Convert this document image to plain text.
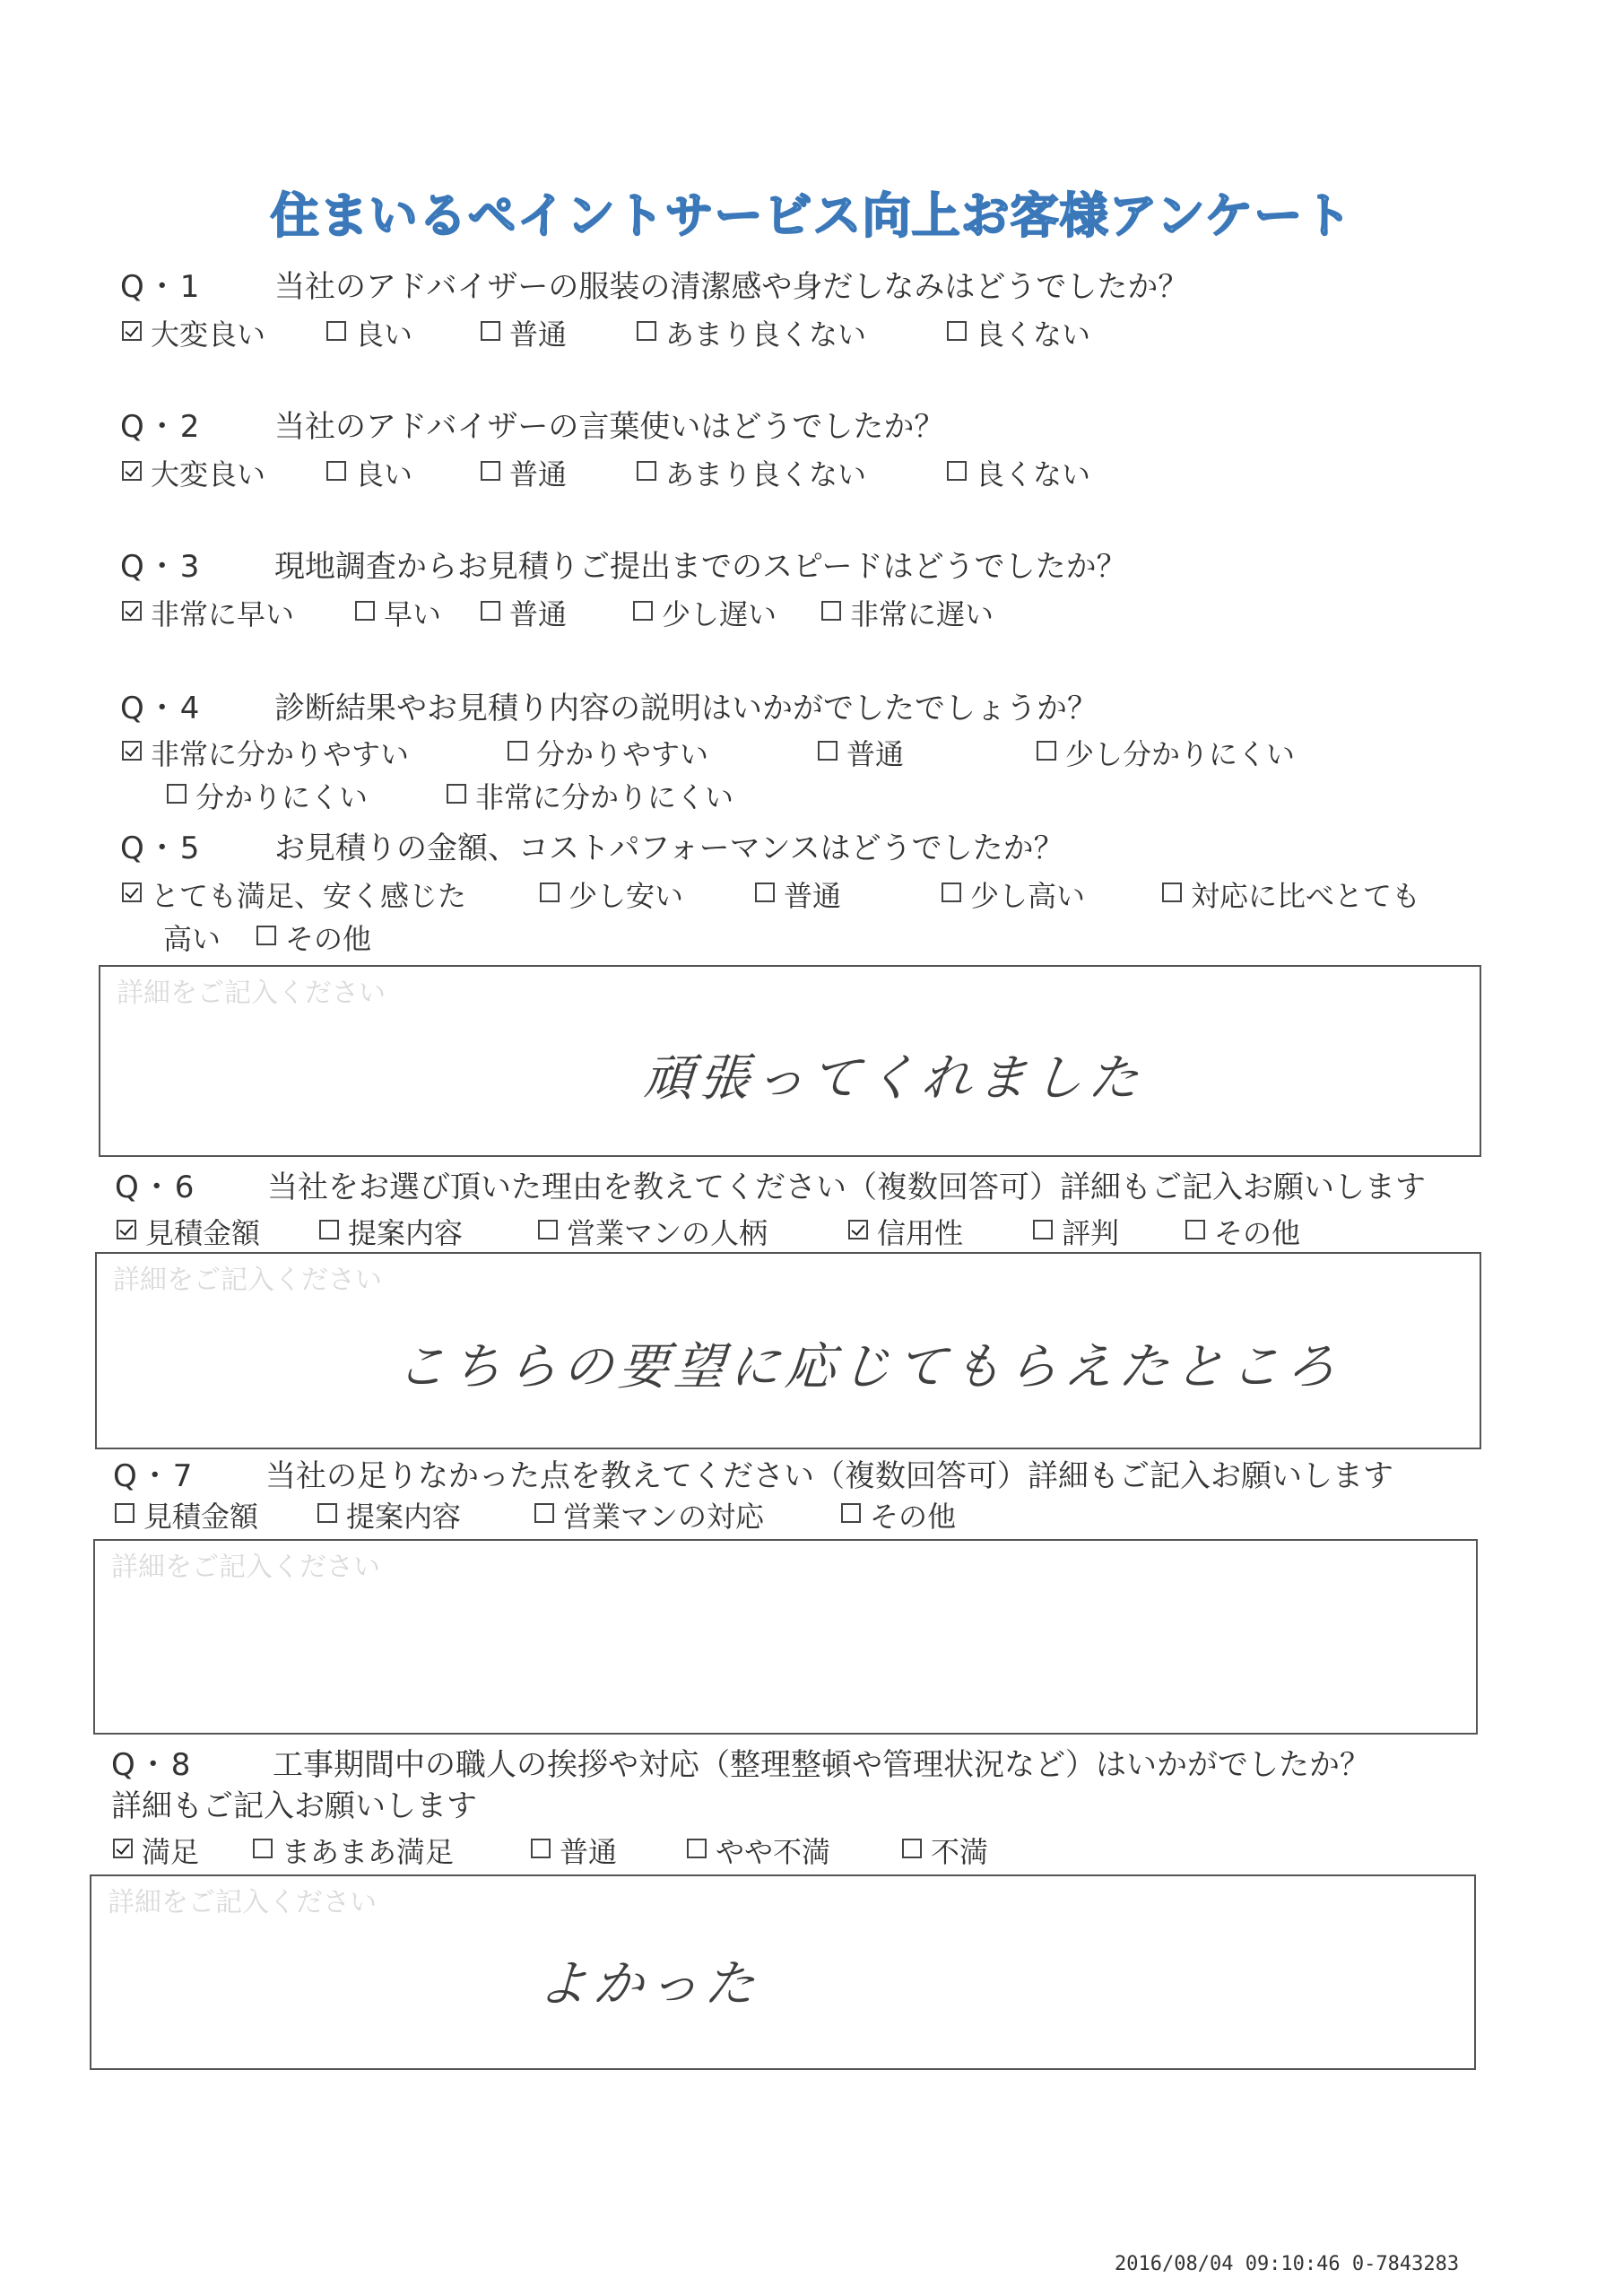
住まいるペイントサービス向上お客様アンケート
Q・1 当社のアドバイザーの服装の清潔感や身だしなみはどうでしたか？
大変良い	良い	普通	あまり良くない	良くない
Q・2 当社のアドバイザーの言葉使いはどうでしたか？
大変良い	良い	普通	あまり良くない	良くない
Q・3 現地調査からお見積りご提出までのスピードはどうでしたか？
非常に早い	早い 普通	少し遅い	非常に遅い
Q・4 診断結果やお見積り内容の説明はいかがでしたでしょうか？
非常に分かりやすい	分かりやすい	普通	少し分かりにくい
分かりにくい	非常に分かりにくい
Q・5 お見積りの金額、コストパフォーマンスはどうでしたか？
とても満足、安く感じた	少し安い	普通	少し高い	対応に比べとても
高い その他
詳細をご記入ください
頑張ってくれました
Q・6 当社をお選び頂いた理由を教えてください（複数回答可）詳細もご記入お願いします
見積金額	提案内容	営業マンの人柄	信用性	評判	その他
詳細をご記入ください
こちらの要望に応じてもらえたところ
Q・7 当社の足りなかった点を教えてください（複数回答可）詳細もご記入お願いします
見積金額	提案内容	営業マンの対応	その他
詳細をご記入ください
Q・8	工事期間中の職人の挨拶や対応（整理整頓や管理状況など）はいかがでしたか？
詳細もご記入お願いします
満足	まあまあ満足	普通	やや不満	不満
詳細をご記入ください
よかった
2016/08/04 09:10:46 0-7843283
